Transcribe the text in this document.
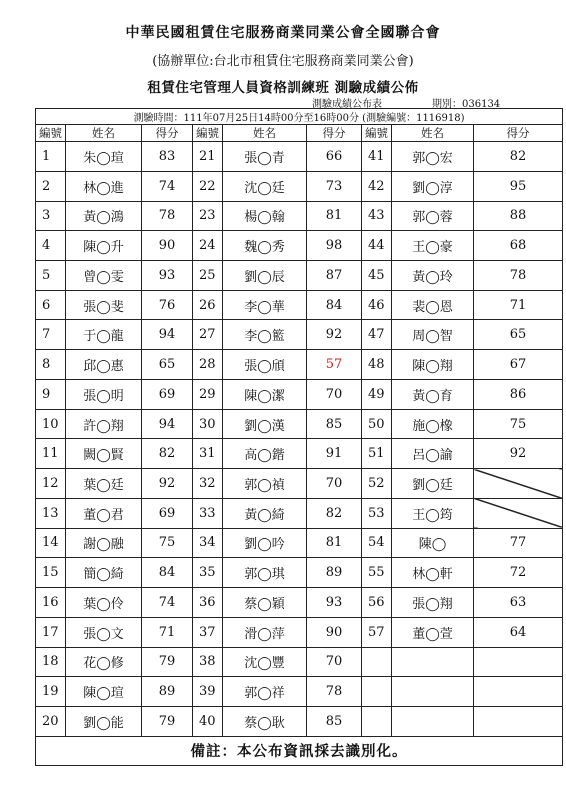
中華民國租賃住宅服務商業同業公會全國聯合會
(協辦單位:台北市租賃住宅服務商業同業公會)
租賃住宅管理人員資格訓練班 測驗成績公佈
測驗成績公布表	期別：036134
測驗時間：111年07月25日14時00分至16時00分 (測驗編號：1116918)								
編號	姓名	得分	編號	姓名	得分	編號	姓名	得分
1	朱◯瑄	83	21	張◯青	66	41	郭◯宏	82
2	林◯進	74	22	沈◯廷	73	42	劉◯淳	95
3	黃◯鴻	78	23	楊◯翰	81	43	郭◯蓉	88
4	陳◯升	90	24	魏◯秀	98	44	王◯豪	68
5	曾◯雯	93	25	劉◯辰	87	45	黃◯玲	78
6	張◯斐	76	26	李◯華	84	46	裴◯恩	71
7	于◯龍	94	27	李◯籃	92	47	周◯智	65
8	邱◯惠	65	28	張◯頎	57	48	陳◯翔	67
9	張◯明	69	29	陳◯潔	70	49	黃◯育	86
10	許◯翔	94	30	劉◯漢	85	50	施◯橡	75
11	闕◯賢	82	31	高◯鍇	91	51	呂◯諭	92
12	葉◯廷	92	32	郭◯禎	70	52	劉◯廷	
13	董◯君	69	33	黃◯綺	82	53	王◯筠	
14	謝◯融	75	34	劉◯吟	81	54	陳◯	77
15	簡◯綺	84	35	郭◯琪	89	55	林◯軒	72
16	葉◯伶	74	36	蔡◯穎	93	56	張◯翔	63
17	張◯文	71	37	滑◯萍	90	57	董◯萱	64
18	花◯修	79	38	沈◯豐	70			
19	陳◯瑄	89	39	郭◯祥	78			
20	劉◯能	79	40	蔡◯耿	85			
備註：本公布資訊採去識別化。								
